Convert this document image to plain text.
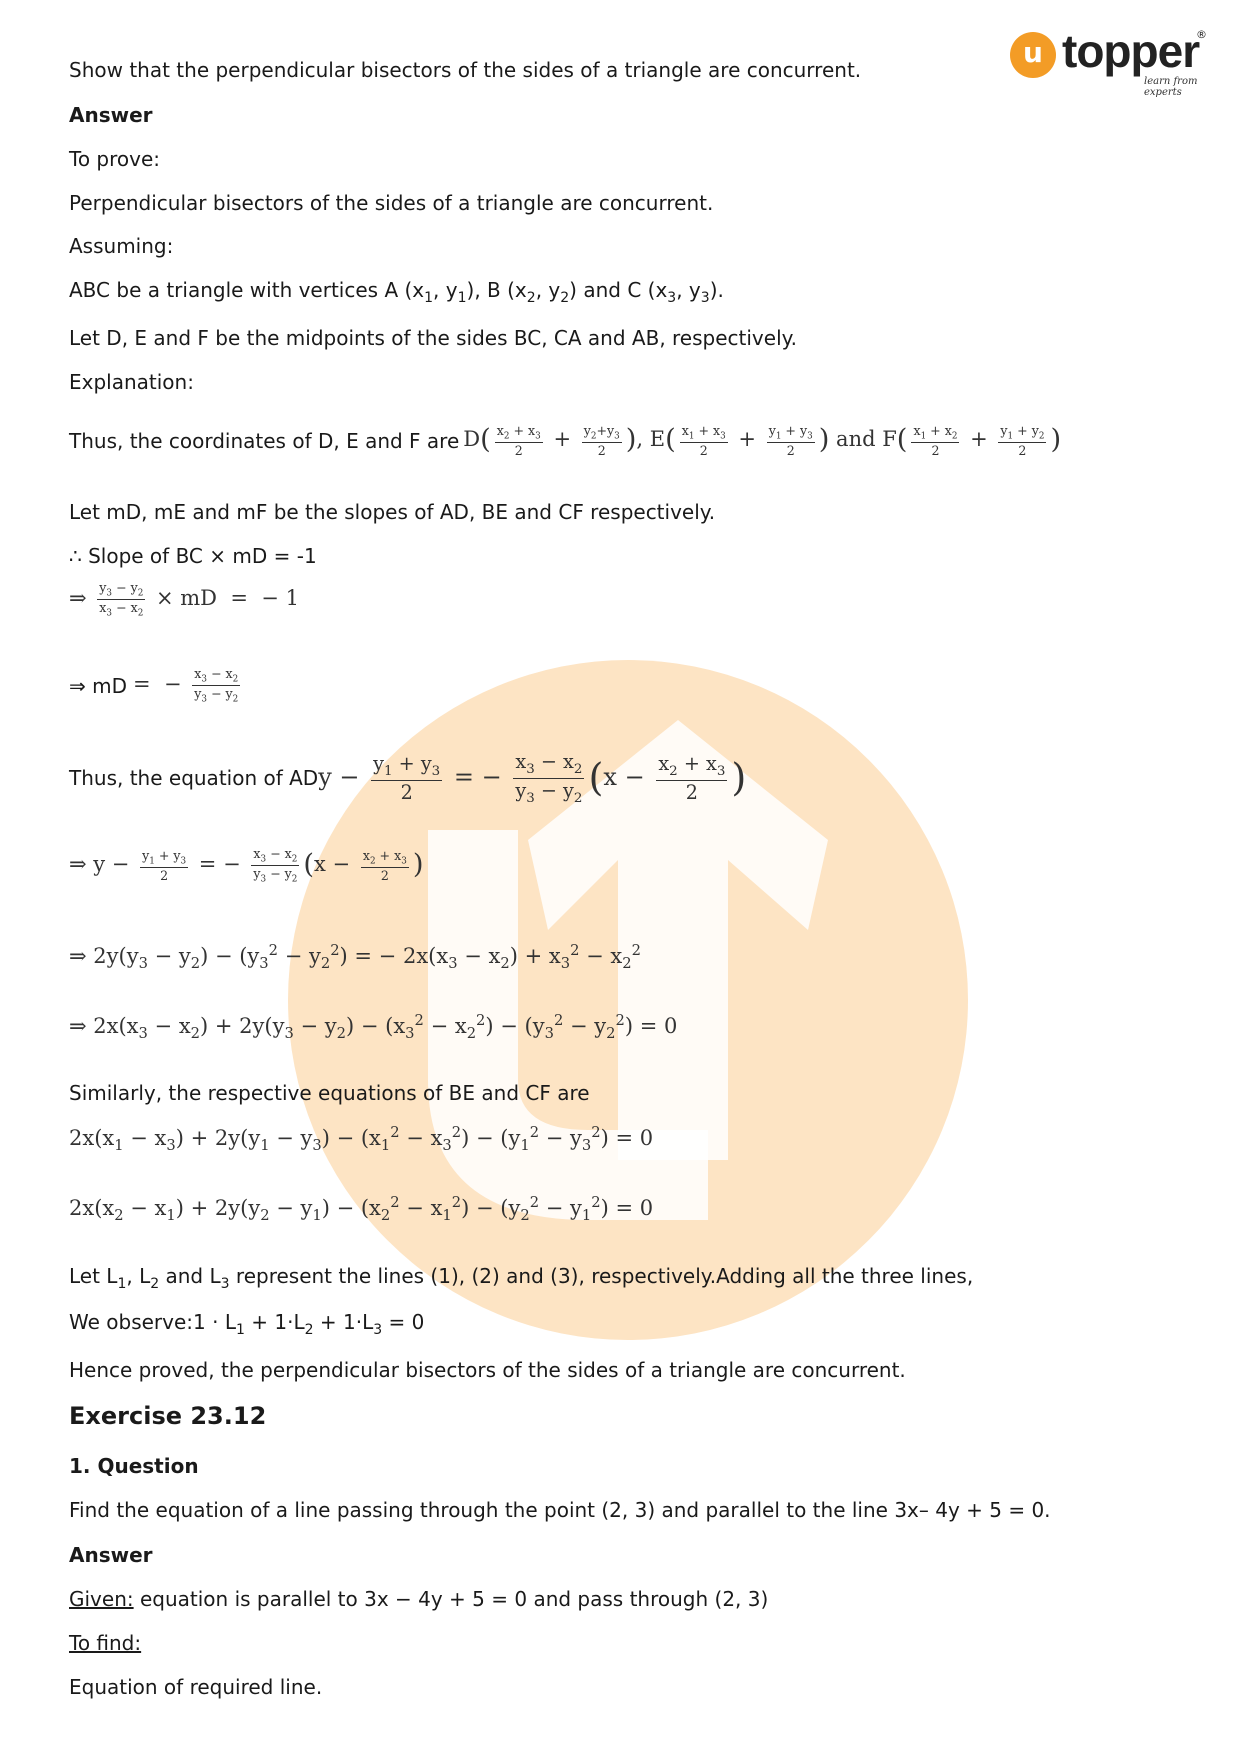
u topper
®
learn from experts
Show that the perpendicular bisectors of the sides of a triangle are concurrent.
Answer
To prove:
Perpendicular bisectors of the sides of a triangle are concurrent.
Assuming:
ABC be a triangle with vertices A ($x_1$, $y_1$), B ($x_2$, $y_2$) and C ($x_3$, $y_3$).
Let D, E and F be the midpoints of the sides BC, CA and AB, respectively.
Explanation:
Thus, the coordinates of D, E and F are $D( \frac{x_2 + x_3}{2} + \frac{y_2+y_3}{2}$ ), $E( \frac{x_1 + x_3}{2} + \frac{y_1 + y_3}{2}$ ) and $F( \frac{x_1 + x_2}{2} + \frac{y_1 + y_2}{2}$ )
Let mD, mE and mF be the slopes of AD, BE and CF respectively.
∴ Slope of BC × mD = -1
⇒ $\frac{y_3 - y_2}{x_3 - x_2}$ × mD  =  − 1
⇒ mD =  − $\frac{x_3 - x_2}{y_3 - y_2}$
Thus, the equation of AD $y - \frac{y_1 + y_3}{2}$ = − $\frac{x_3 - x_2}{y_3 - y_2} (x - \frac{x_2 + x_3}{2}$ )
⇒ $y - \frac{y_1 + y_3}{2}$ = − $\frac{x_3 - x_2}{y_3 - y_2} (x - \frac{x_2 + x_3}{2}$ )
⇒ $2y(y_3 - y_2) - (y_3^2 - y_2^2)$ = − $2x(x_3 - x_2) + x_3^2 - x_2^2$
⇒ $2x(x_3 - x_2) + 2y(y_3 - y_2) - (x_3^2 - x_2^2) - (y_3^2 - y_2^2) = 0$
Similarly, the respective equations of BE and CF are
$2x(x_1 - x_3) + 2y(y_1 - y_3) - (x_1^2 - x_3^2) - (y_1^2 - y_3^2) = 0$
$2x(x_2 - x_1) + 2y(y_2 - y_1) - (x_2^2 - x_1^2) - (y_2^2 - y_1^2) = 0$
Let $L_1$, $L_2$ and $L_3$ represent the lines (1), (2) and (3), respectively.Adding all the three lines,
We observe:1 · $L_1 + 1\cdot L_2 + 1\cdot L_3 = 0$
Hence proved, the perpendicular bisectors of the sides of a triangle are concurrent.
Exercise 23.12
1. Question
Find the equation of a line passing through the point (2, 3) and parallel to the line 3x– 4y + 5 = 0.
Answer
Given: equation is parallel to 3x − 4y + 5 = 0 and pass through (2, 3)
To find:
Equation of required line.
